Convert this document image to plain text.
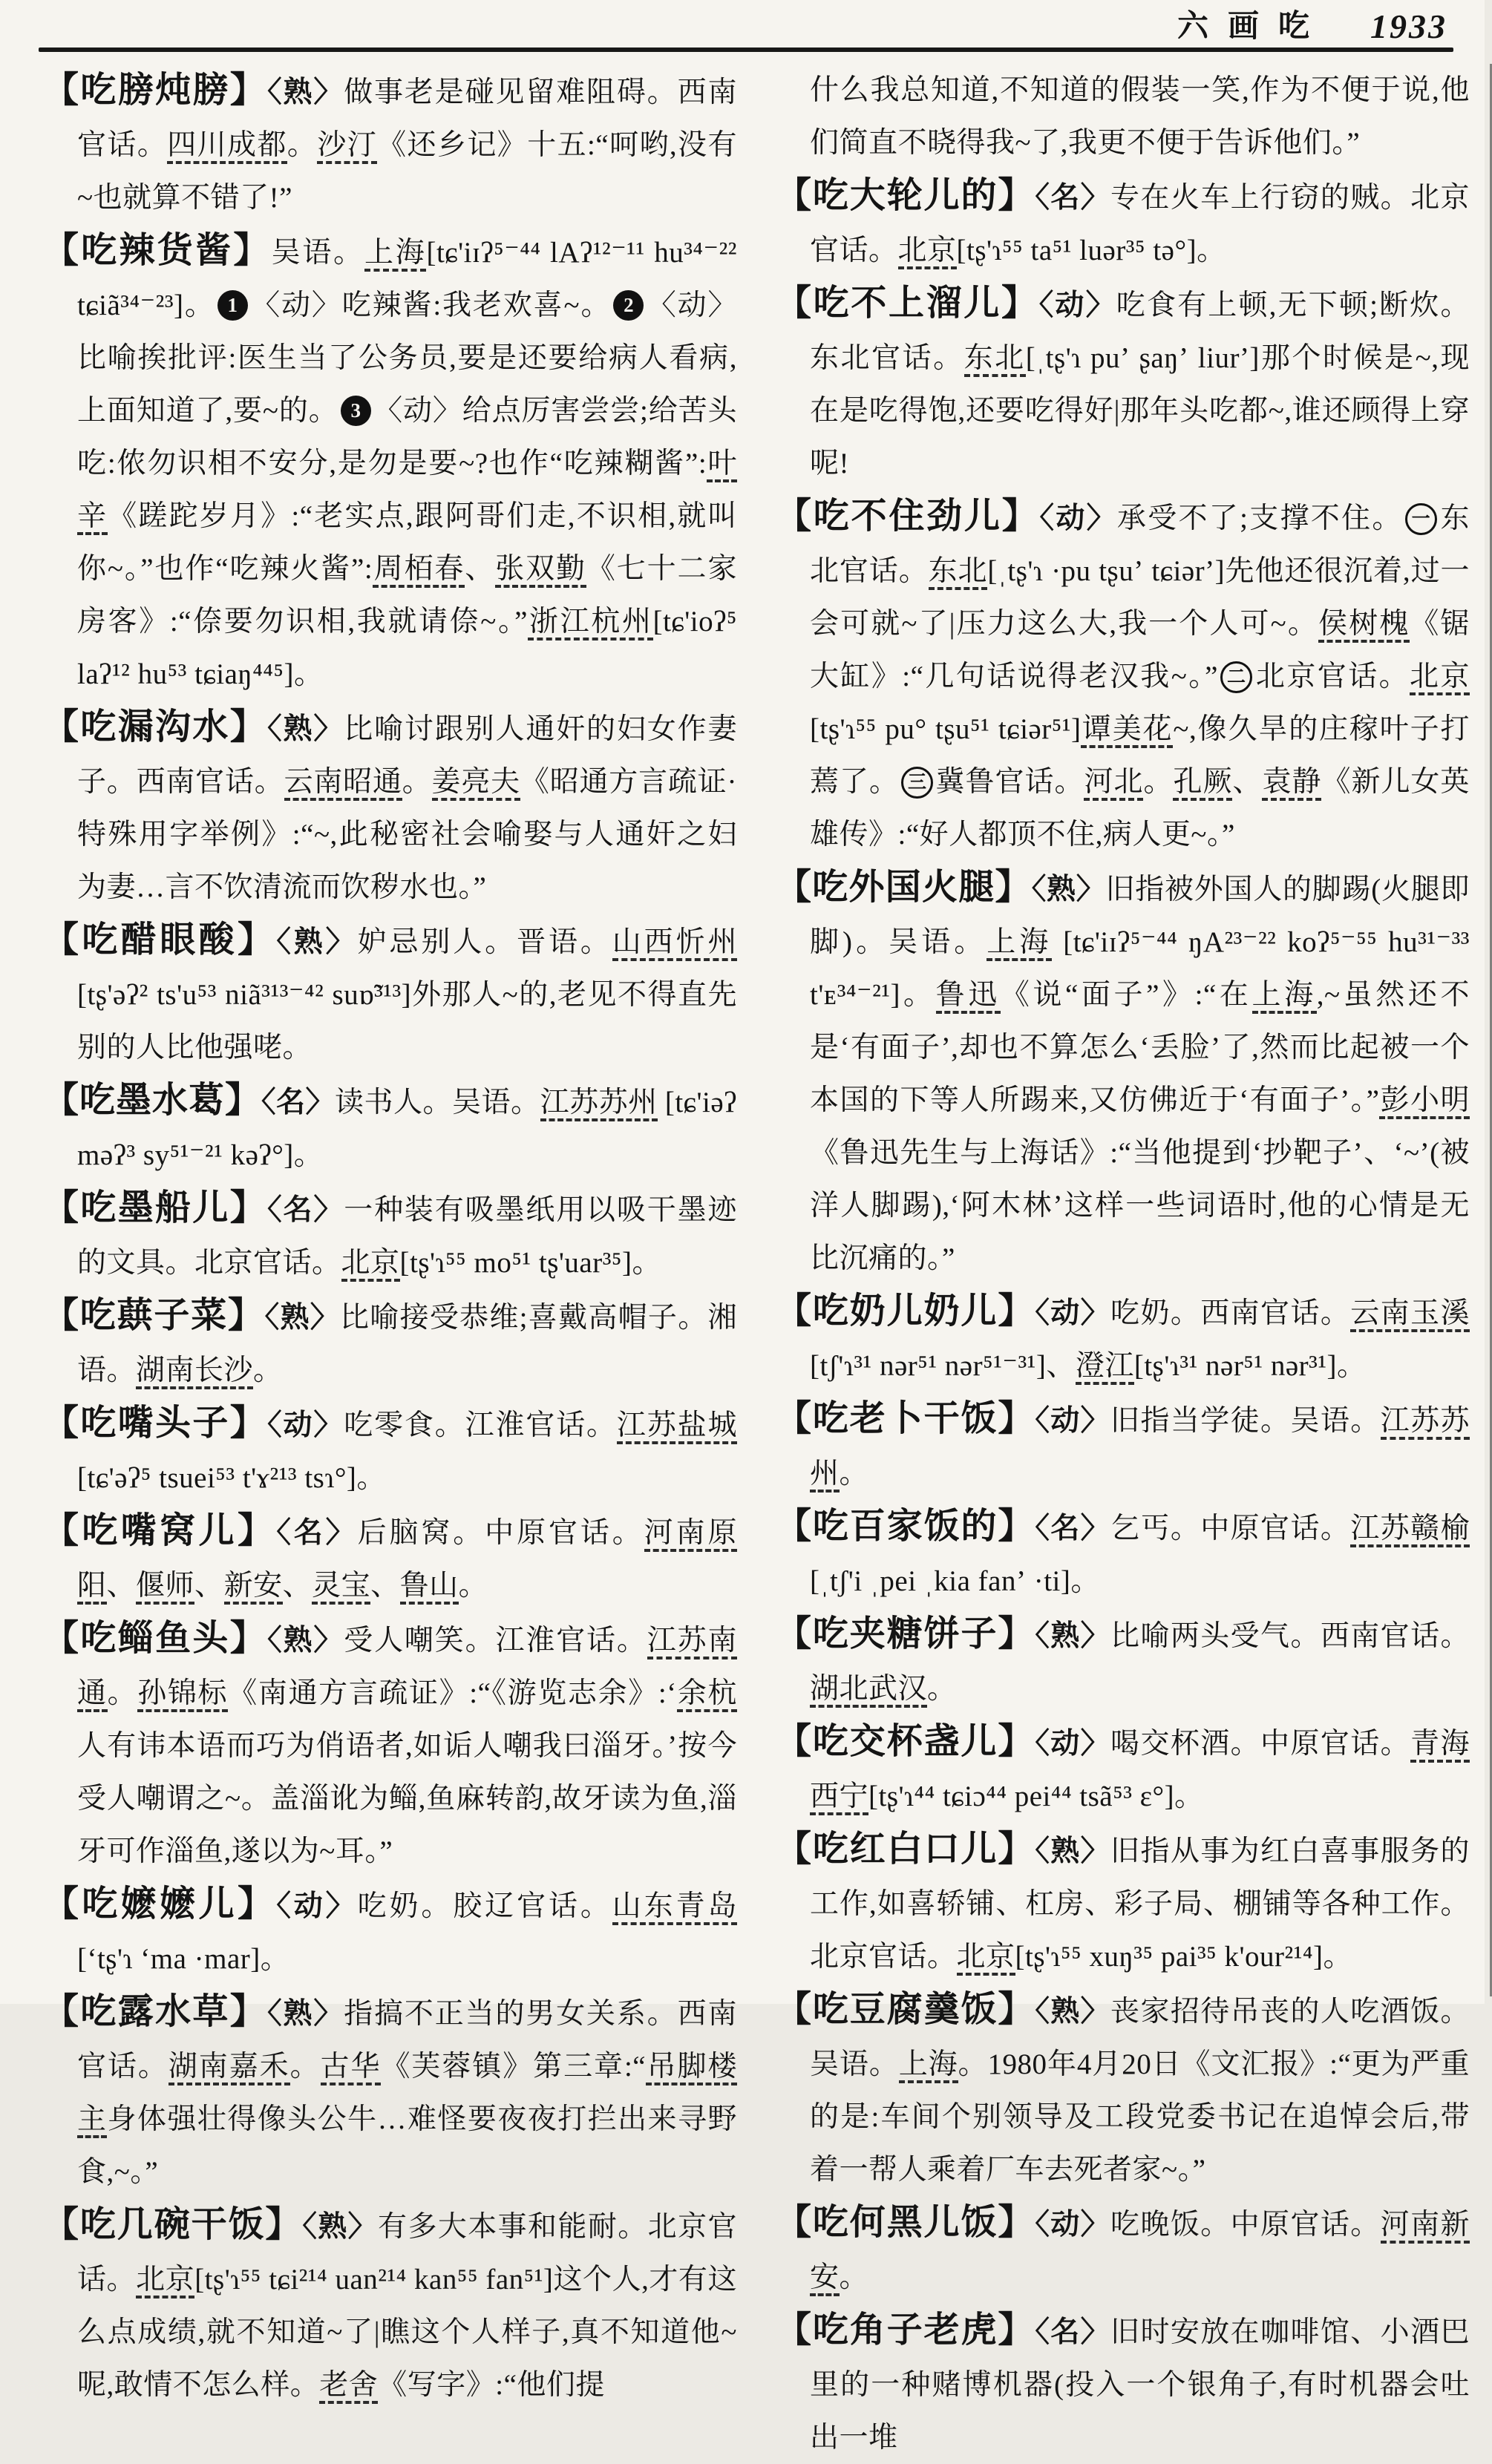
六画吃 1933

【吃膀炖膀】〈熟〉做事老是碰见留难阻碍。西南官话。四川成都。沙汀《还乡记》十五:“呵哟,没有~也就算不错了!”

【吃辣货酱】吴语。上海[tɕ'iɪʔ⁵⁻⁴⁴ lAʔ¹²⁻¹¹ hu³⁴⁻²² tɕiã³⁴⁻²³]。 1 〈动〉吃辣酱:我老欢喜~。 2 〈动〉比喻挨批评:医生当了公务员,要是还要给病人看病,上面知道了,要~的。 3 〈动〉给点厉害尝尝;给苦头吃:侬勿识相不安分,是勿是要~?也作“吃辣糊酱”:叶辛《蹉跎岁月》:“老实点,跟阿哥们走,不识相,就叫你~。”也作“吃辣火酱”:周栢春、张双勤《七十二家房客》:“倷要勿识相,我就请倷~。”浙江杭州[tɕ'ioʔ⁵ laʔ¹² hu⁵³ tɕiaŋ⁴⁴⁵]。

【吃漏沟水】〈熟〉比喻讨跟别人通奸的妇女作妻子。西南官话。云南昭通。姜亮夫《昭通方言疏证·特殊用字举例》:“~,此秘密社会喻娶与人通奸之妇为妻…言不饮清流而饮秽水也。”

【吃醋眼酸】〈熟〉妒忌别人。晋语。山西忻州[tʂ'əʔ² ts'u⁵³ niã³¹³⁻⁴² suɒ̃³¹³]外那人~的,老见不得直先别的人比他强咾。

【吃墨水葛】〈名〉读书人。吴语。江苏苏州 [tɕ'iəʔ məʔ³ sy⁵¹⁻²¹ kəʔ°]。

【吃墨船儿】〈名〉一种装有吸墨纸用以吸干墨迹的文具。北京官话。北京[tʂ'ɿ⁵⁵ mo⁵¹ tʂ'uar³⁵]。

【吃蕻子菜】〈熟〉比喻接受恭维;喜戴高帽子。湘语。湖南长沙。

【吃嘴头子】〈动〉吃零食。江淮官话。江苏盐城[tɕ'əʔ⁵ tsuei⁵³ t'ɤ²¹³ tsɿ°]。

【吃嘴窝儿】〈名〉后脑窝。中原官话。河南原阳、偃师、新安、灵宝、鲁山。

【吃鲻鱼头】〈熟〉受人嘲笑。江淮官话。江苏南通。孙锦标《南通方言疏证》:“《游览志余》:‘余杭人有讳本语而巧为俏语者,如诟人嘲我曰淄牙。’按今受人嘲谓之~。盖淄讹为鲻,鱼麻转韵,故牙读为鱼,淄牙可作淄鱼,遂以为~耳。”

【吃嬷嬷儿】〈动〉吃奶。胶辽官话。山东青岛 [ʻtʂ'ɿ ʻma ·mar]。

【吃露水草】〈熟〉指搞不正当的男女关系。西南官话。湖南嘉禾。古华《芙蓉镇》第三章:“吊脚楼主身体强壮得像头公牛…难怪要夜夜打拦出来寻野食,~。”

【吃几碗干饭】〈熟〉有多大本事和能耐。北京官话。北京[tʂ'ɿ⁵⁵ tɕi²¹⁴ uan²¹⁴ kan⁵⁵ fan⁵¹]这个人,才有这么点成绩,就不知道~了|瞧这个人样子,真不知道他~呢,敢情不怎么样。老舍《写字》:“他们提

什么我总知道,不知道的假装一笑,作为不便于说,他们简直不晓得我~了,我更不便于告诉他们。”

【吃大轮儿的】〈名〉专在火车上行窃的贼。北京官话。北京[tʂ'ɿ⁵⁵ ta⁵¹ luər³⁵ tə°]。

【吃不上溜儿】〈动〉吃食有上顿,无下顿;断炊。东北官话。东北[ˌtʂ'ɿ puʼ ʂaŋʼ liurʼ]那个时候是~,现在是吃得饱,还要吃得好|那年头吃都~,谁还顾得上穿呢!

【吃不住劲儿】〈动〉承受不了;支撑不住。 一 东北官话。东北[ˌtʂ'ɿ ·pu tʂuʼ tɕiərʼ]先他还很沉着,过一会可就~了|压力这么大,我一个人可~。侯树槐《锯大缸》:“几句话说得老汉我~。” 二 北京官话。北京[tʂ'ɿ⁵⁵ pu° tʂu⁵¹ tɕiər⁵¹]谭美花~,像久旱的庄稼叶子打蔫了。 三 冀鲁官话。河北。孔厥、袁静《新儿女英雄传》:“好人都顶不住,病人更~。”

【吃外国火腿】〈熟〉旧指被外国人的脚踢(火腿即脚)。吴语。上海 [tɕ'iɪʔ⁵⁻⁴⁴ ŋA²³⁻²² koʔ⁵⁻⁵⁵ hu³¹⁻³³ t'ᴇ³⁴⁻²¹]。鲁迅《说“面子”》:“在上海,~虽然还不是‘有面子’,却也不算怎么‘丢脸’了,然而比起被一个本国的下等人所踢来,又仿佛近于‘有面子’。”彭小明《鲁迅先生与上海话》:“当他提到‘抄靶子’、‘~’(被洋人脚踢),‘阿木林’这样一些词语时,他的心情是无比沉痛的。”

【吃奶儿奶儿】〈动〉吃奶。西南官话。云南玉溪[tʃ'ɿ³¹ nər⁵¹ nər⁵¹⁻³¹]、澄江[tʂ'ɿ³¹ nər⁵¹ nər³¹]。

【吃老卜干饭】〈动〉旧指当学徒。吴语。江苏苏州。

【吃百家饭的】〈名〉乞丐。中原官话。江苏赣榆[ˌtʃ'i ˌpei ˌkia fanʼ ·ti]。

【吃夹糖饼子】〈熟〉比喻两头受气。西南官话。湖北武汉。

【吃交杯盏儿】〈动〉喝交杯酒。中原官话。青海西宁[tʂ'ɿ⁴⁴ tɕiɔ⁴⁴ pei⁴⁴ tsã⁵³ ɛ°]。

【吃红白口儿】〈熟〉旧指从事为红白喜事服务的工作,如喜轿铺、杠房、彩子局、棚铺等各种工作。北京官话。北京[tʂ'ɿ⁵⁵ xuŋ³⁵ pai³⁵ k'our²¹⁴]。

【吃豆腐羹饭】〈熟〉丧家招待吊丧的人吃酒饭。吴语。上海。1980年4月20日《文汇报》:“更为严重的是:车间个别领导及工段党委书记在追悼会后,带着一帮人乘着厂车去死者家~。”

【吃何黑儿饭】〈动〉吃晚饭。中原官话。河南新安。

【吃角子老虎】〈名〉旧时安放在咖啡馆、小酒巴里的一种赌博机器(投入一个银角子,有时机器会吐出一堆
